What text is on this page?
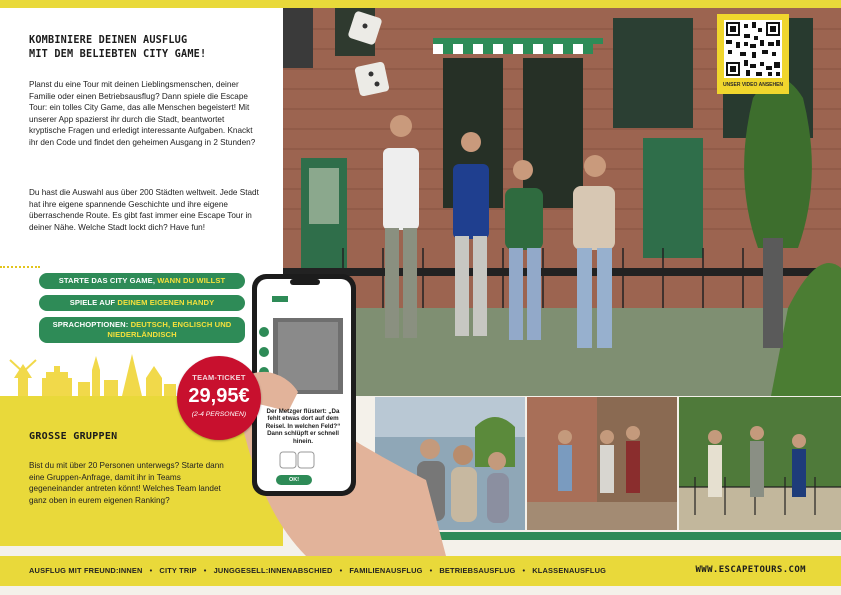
UNSER VIDEO ANSEHEN
KOMBINIERE DEINEN AUSFLUG
MIT DEM BELIEBTEN CITY GAME!

Planst du eine Tour mit deinen Lieblingsmenschen, deiner Familie oder einen Betriebsausflug? Dann spiele die Escape Tour: ein tolles City Game, das alle Menschen begeistert! Mit unserer App spazierst ihr durch die Stadt, beantwortet kryptische Fragen und erledigt interessante Aufgaben. Knackt ihr den Code und findet den geheimen Ausgang in 2 Stunden?

Du hast die Auswahl aus über 200 Städten weltweit. Jede Stadt hat ihre eigene spannende Geschichte und ihre eigene überraschende Route. Es gibt fast immer eine Escape Tour in deiner Nähe. Welche Stadt lockt dich? Have fun!

STARTE DAS CITY GAME, WANN DU WILLST
SPIELE AUF DEINEM EIGENEN HANDY
SPRACHOPTIONEN: DEUTSCH, ENGLISCH UND NIEDERLÄNDISCH
GROSSE GRUPPEN

Bist du mit über 20 Personen unterwegs? Starte dann eine Gruppen-Anfrage, damit ihr in Teams gegeneinander antreten könnt! Welches Team landet ganz oben in eurem eigenen Ranking?

Der Metzger flüstert: „Da fehlt etwas dort auf dem Reisel. In welchen Feld?“ Dann schlüpft er schnell hinein.
OK!
TEAM-TICKET
29,95€
(2-4 PERSONEN)
AUSFLUG MIT FREUND:INNEN • CITY TRIP • JUNGGESELL:INNENABSCHIED • FAMILIENAUSFLUG • BETRIEBSAUSFLUG • KLASSENAUSFLUG	WWW.ESCAPETOURS.COM
